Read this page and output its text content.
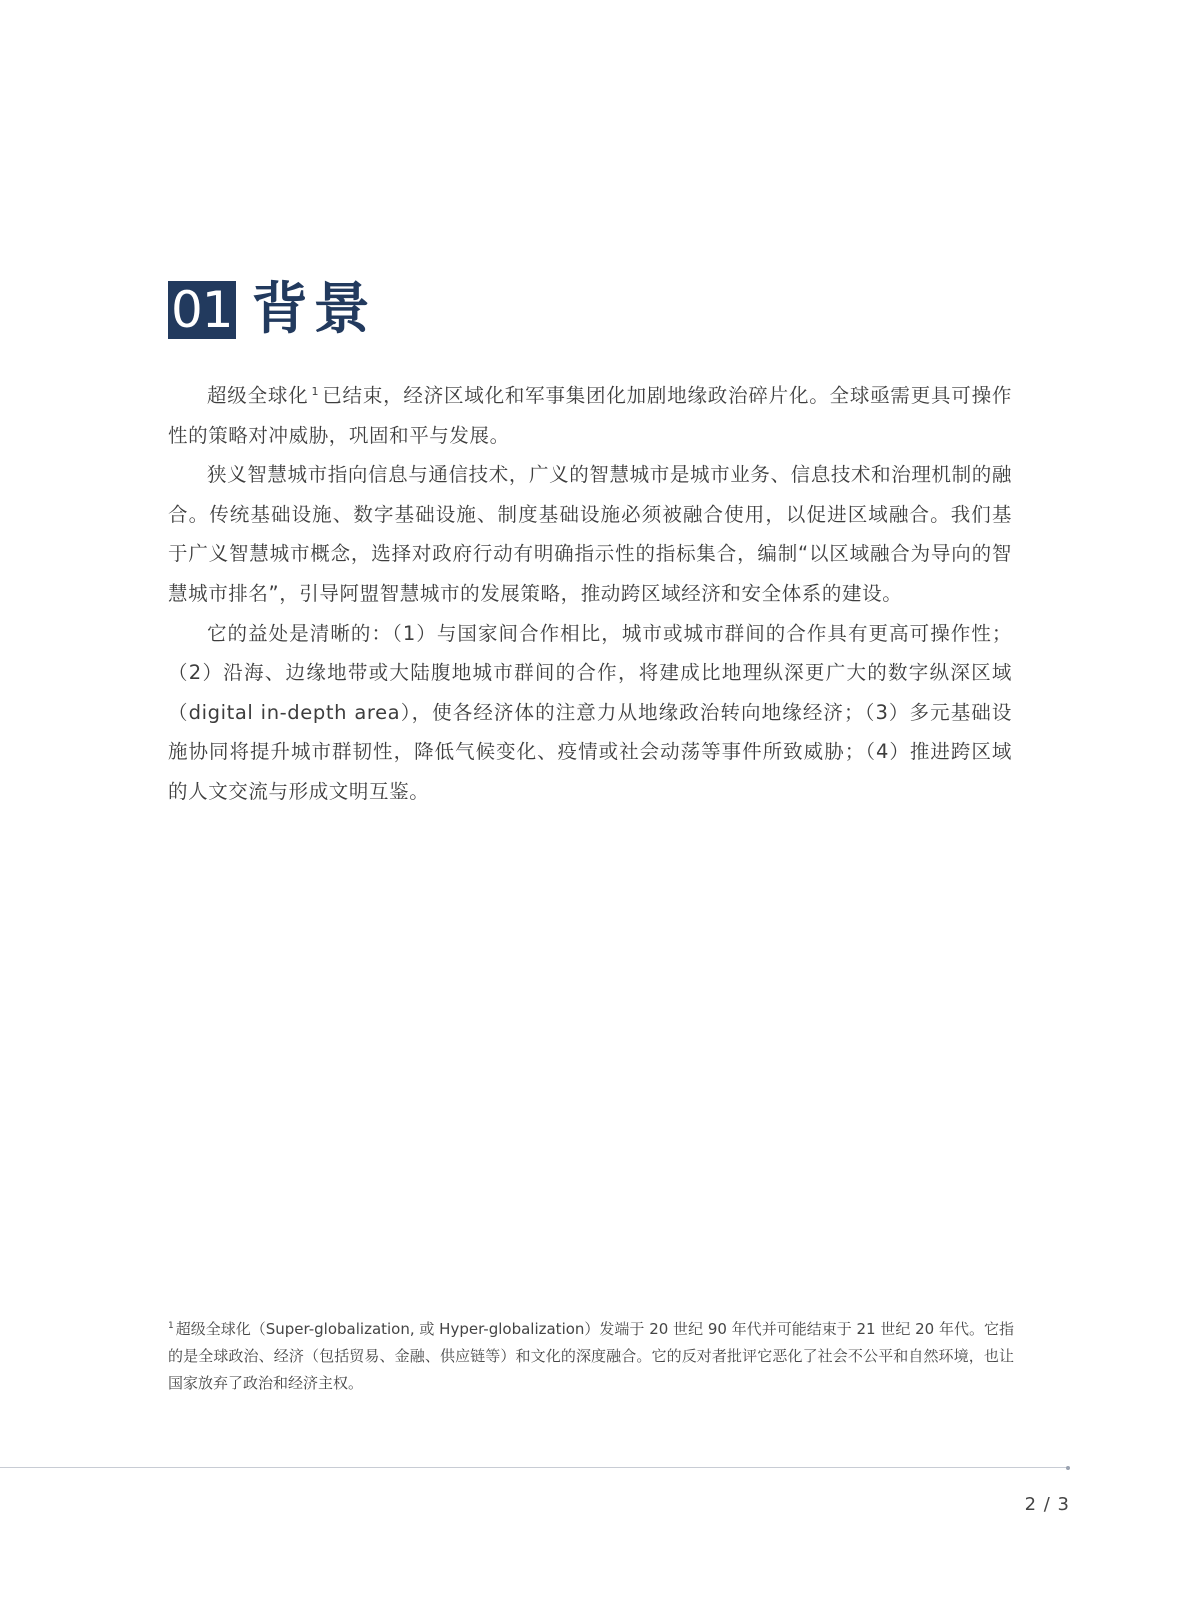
01 背景

超级全球化 $^1$ 已结束，经济区域化和军事集团化加剧地缘政治碎片化。全球亟需更具可操作性的策略对冲威胁，巩固和平与发展。

狭义智慧城市指向信息与通信技术，广义的智慧城市是城市业务、信息技术和治理机制的融合。传统基础设施、数字基础设施、制度基础设施必须被融合使用，以促进区域融合。我们基于广义智慧城市概念，选择对政府行动有明确指示性的指标集合，编制“以区域融合为导向的智慧城市排名”，引导阿盟智慧城市的发展策略，推动跨区域经济和安全体系的建设。

它的益处是清晰的：（1）与国家间合作相比，城市或城市群间的合作具有更高可操作性；（2）沿海、边缘地带或大陆腹地城市群间的合作，将建成比地理纵深更广大的数字纵深区域（digital in-depth area），使各经济体的注意力从地缘政治转向地缘经济；（3）多元基础设施协同将提升城市群韧性，降低气候变化、疫情或社会动荡等事件所致威胁；（4）推进跨区域的人文交流与形成文明互鉴。

$^1$ 超级全球化（Super-globalization, 或 Hyper-globalization）发端于 20 世纪 90 年代并可能结束于 21 世纪 20 年代。它指的是全球政治、经济（包括贸易、金融、供应链等）和文化的深度融合。它的反对者批评它恶化了社会不公平和自然环境，也让国家放弃了政治和经济主权。
2 / 3
